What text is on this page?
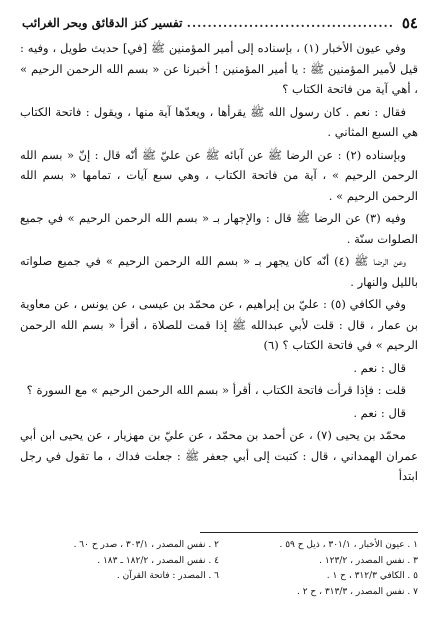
٥٤
.....
تفسير كنز الدقائق وبحر الغرائب

وفي عيون الأخبار (١) ، بإسناده إلى أمير المؤمنين ﷺ [في] حديث طويل ، وفيه : قيل لأمير المؤمنين ﷺ : يا أمير المؤمنين ! أخبرنا عن « بسم الله الرحمن الرحيم » ، أهي آية من فاتحة الكتاب ؟

فقال : نعم . كان رسول الله ﷺ يقرأها ، ويعدّها آية منها ، ويقول : فاتحة الكتاب هي السبع المثاني .

وبإسناده (٢) : عن الرضا ﷺ عن آبائه ﷺ عن عليّ ﷺ أنّه قال : إنّ « بسم الله الرحمن الرحيم » ، آية من فاتحة الكتاب ، وهي سبع آيات ، تمامها « بسم الله الرحمن الرحيم » .

وفيه (٣) عن الرضا ﷺ قال : والإجهار بـ « بسم الله الرحمن الرحيم » في جميع الصلوات سنّة .

وعن الرضا ﷺ (٤) أنّه كان يجهر بـ « بسم الله الرحمن الرحيم » في جميع صلواته بالليل والنهار .

وفي الكافي (٥) : عليّ بن إبراهيم ، عن محمّد بن عيسى ، عن يونس ، عن معاوية بن عمار ، قال : قلت لأبي عبدالله ﷺ إذا قمت للصلاة ، أقرأ « بسم الله الرحمن الرحيم » في فاتحة الكتاب ؟ (٦)

قال : نعم .

قلت : فإذا قرأت فاتحة الكتاب ، أقرأ « بسم الله الرحمن الرحيم » مع السورة ؟

قال : نعم .

محمّد بن يحيى (٧) ، عن أحمد بن محمّد ، عن عليّ بن مهزيار ، عن يحيى ابن أبي عمران الهمداني ، قال : كتبت إلى أبي جعفر ﷺ : جعلت فداك ، ما تقول في رجل ابتدأ

١ . عيون الأخبار ، ٣٠١/١ ، ذيل ح ٥٩ .
٢ . نفس المصدر ، ٣٠٣/١ ، صدر ح ٦٠ .
٣ . نفس المصدر ، ١٢٣/٢ .
٤ . نفس المصدر ، ١٨٢/٢ ـ ١٨٣ .
٥ . الكافي ٣١٢/٣ ، ح ١ .
٦ . المصدر : فاتحة القرآن .
٧ . نفس المصدر ، ٣١٣/٣ ، ح ٢ .
